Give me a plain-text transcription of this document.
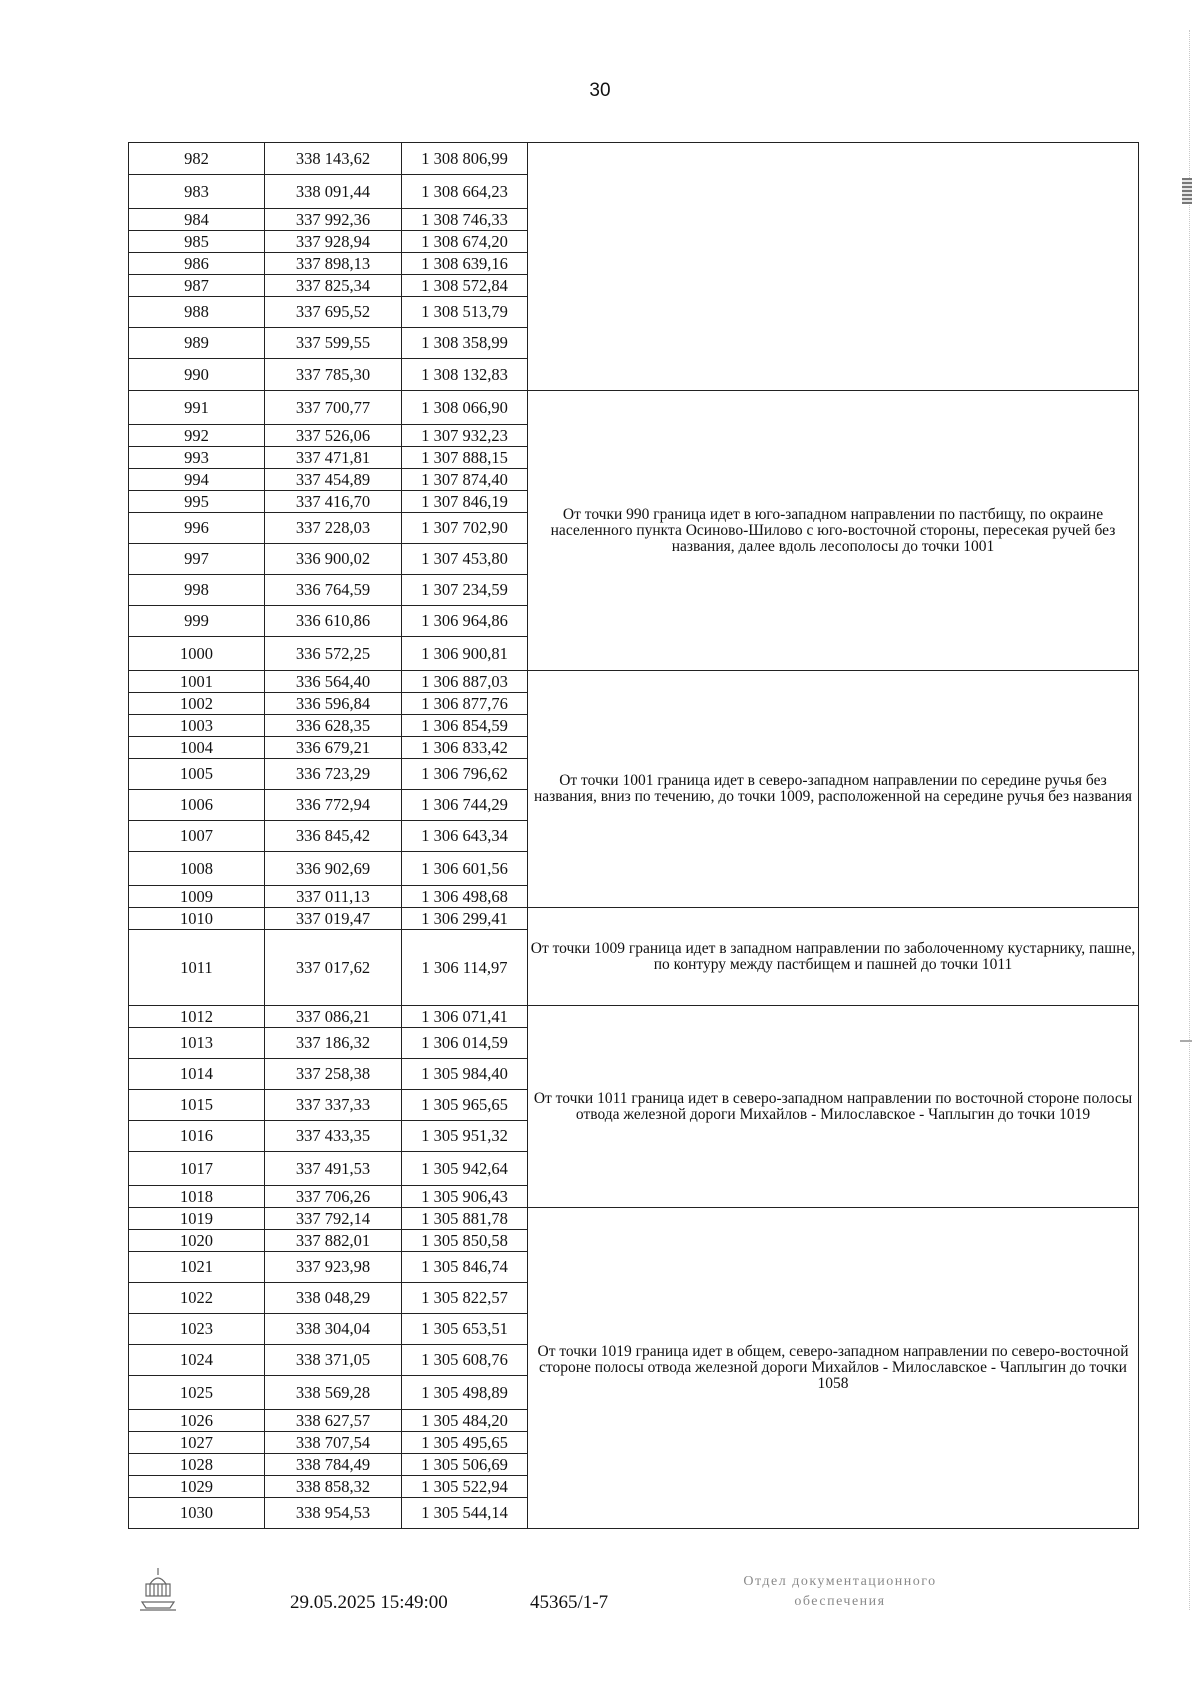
30
982	338 143,62	1 308 806,99	
983	338 091,44	1 308 664,23	
984	337 992,36	1 308 746,33	
985	337 928,94	1 308 674,20	
986	337 898,13	1 308 639,16	
987	337 825,34	1 308 572,84	
988	337 695,52	1 308 513,79	
989	337 599,55	1 308 358,99	
990	337 785,30	1 308 132,83	
991	337 700,77	1 308 066,90	От точки 990 граница идет в юго-западном направлении по пастбищу, по окраине населенного пункта Осиново-Шилово с юго-восточной стороны, пересекая ручей без названия, далее вдоль лесополосы до точки 1001
992	337 526,06	1 307 932,23	
993	337 471,81	1 307 888,15	
994	337 454,89	1 307 874,40	
995	337 416,70	1 307 846,19	
996	337 228,03	1 307 702,90	
997	336 900,02	1 307 453,80	
998	336 764,59	1 307 234,59	
999	336 610,86	1 306 964,86	
1000	336 572,25	1 306 900,81	
1001	336 564,40	1 306 887,03	От точки 1001 граница идет в северо-западном направлении по середине ручья без названия, вниз по течению, до точки 1009, расположенной на середине ручья без названия
1002	336 596,84	1 306 877,76	
1003	336 628,35	1 306 854,59	
1004	336 679,21	1 306 833,42	
1005	336 723,29	1 306 796,62	
1006	336 772,94	1 306 744,29	
1007	336 845,42	1 306 643,34	
1008	336 902,69	1 306 601,56	
1009	337 011,13	1 306 498,68	
1010	337 019,47	1 306 299,41	От точки 1009 граница идет в западном направлении по заболоченному кустарнику, пашне, по контуру между пастбищем и пашней до точки 1011
1011	337 017,62	1 306 114,97	
1012	337 086,21	1 306 071,41	От точки 1011 граница идет в северо-западном направлении по восточной стороне полосы отвода железной дороги Михайлов - Милославское - Чаплыгин до точки 1019
1013	337 186,32	1 306 014,59	
1014	337 258,38	1 305 984,40	
1015	337 337,33	1 305 965,65	
1016	337 433,35	1 305 951,32	
1017	337 491,53	1 305 942,64	
1018	337 706,26	1 305 906,43	
1019	337 792,14	1 305 881,78	От точки 1019 граница идет в общем, северо-западном направлении по северо-восточной стороне полосы отвода железной дороги Михайлов - Милославское - Чаплыгин до точки 1058
1020	337 882,01	1 305 850,58	
1021	337 923,98	1 305 846,74	
1022	338 048,29	1 305 822,57	
1023	338 304,04	1 305 653,51	
1024	338 371,05	1 305 608,76	
1025	338 569,28	1 305 498,89	
1026	338 627,57	1 305 484,20	
1027	338 707,54	1 305 495,65	
1028	338 784,49	1 305 506,69	
1029	338 858,32	1 305 522,94	
1030	338 954,53	1 305 544,14	
29.05.2025 15:49:00	45365/1-7
Отдел документационного
обеспечения
